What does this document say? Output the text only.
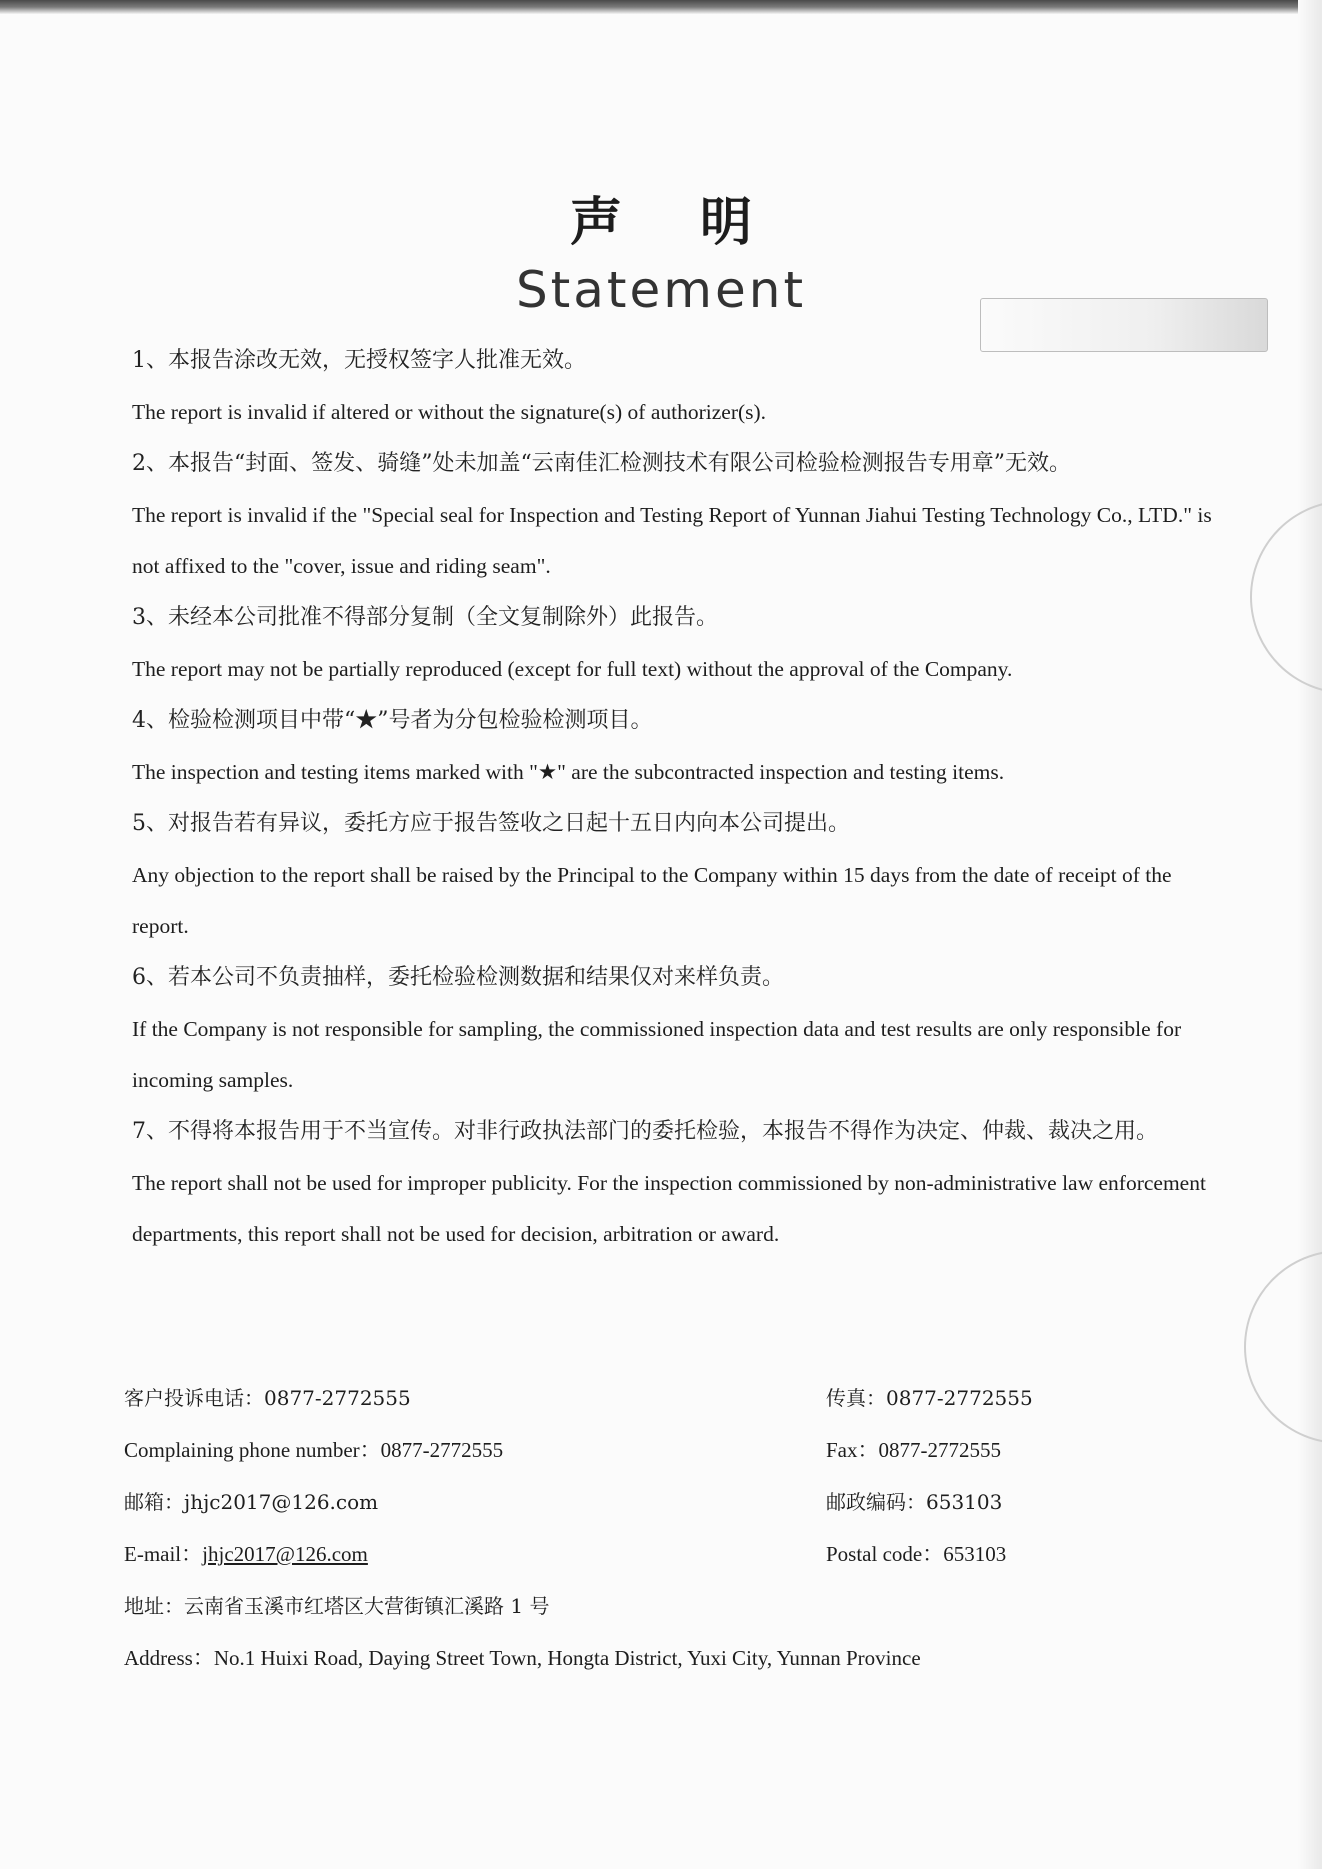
声 明
Statement
1、本报告涂改无效，无授权签字人批准无效。
The report is invalid if altered or without the signature(s) of authorizer(s).
2、本报告“封面、签发、骑缝”处未加盖“云南佳汇检测技术有限公司检验检测报告专用章”无效。
The report is invalid if the "Special seal for Inspection and Testing Report of Yunnan Jiahui Testing Technology Co., LTD." is not affixed to the "cover, issue and riding seam".
3、未经本公司批准不得部分复制（全文复制除外）此报告。
The report may not be partially reproduced (except for full text) without the approval of the Company.
4、检验检测项目中带“★”号者为分包检验检测项目。
The inspection and testing items marked with "★" are the subcontracted inspection and testing items.
5、对报告若有异议，委托方应于报告签收之日起十五日内向本公司提出。
Any objection to the report shall be raised by the Principal to the Company within 15 days from the date of receipt of the report.
6、若本公司不负责抽样，委托检验检测数据和结果仅对来样负责。
If the Company is not responsible for sampling, the commissioned inspection data and test results are only responsible for incoming samples.
7、不得将本报告用于不当宣传。对非行政执法部门的委托检验，本报告不得作为决定、仲裁、裁决之用。
The report shall not be used for improper publicity. For the inspection commissioned by non-administrative law enforcement departments, this report shall not be used for decision, arbitration or award.
客户投诉电话：0877-2772555	传真：0877-2772555
Complaining phone number：0877-2772555	Fax：0877-2772555
邮箱：jhjc2017@126.com	邮政编码：653103
E-mail：jhjc2017@126.com	Postal code：653103
地址：云南省玉溪市红塔区大营街镇汇溪路 1 号
Address：No.1 Huixi Road, Daying Street Town, Hongta District, Yuxi City, Yunnan Province
